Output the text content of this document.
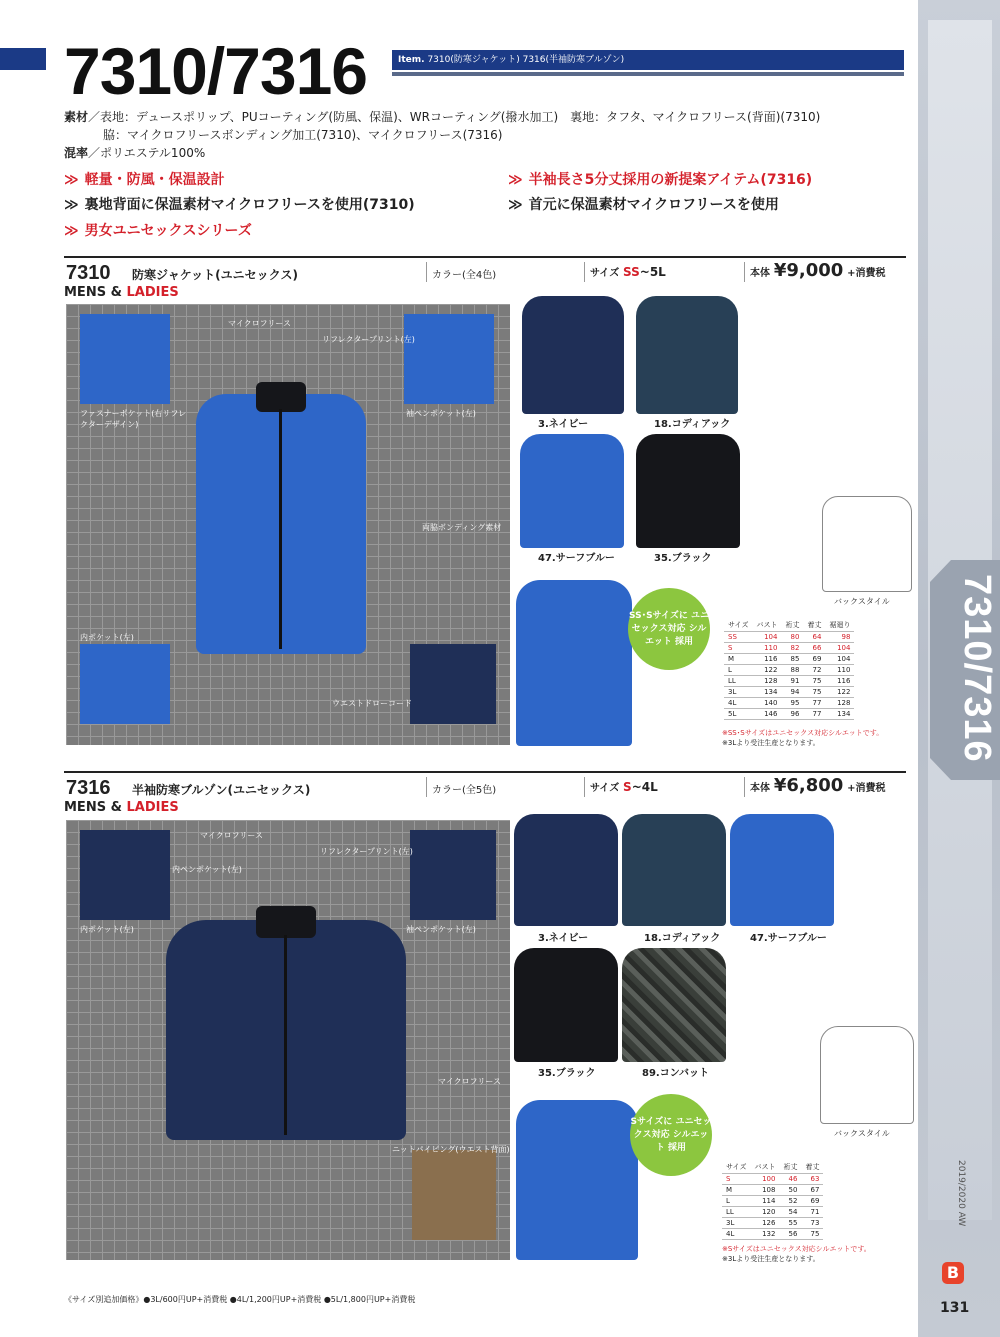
7310/7316
2019/2020 AW
B
131
7310/7316	Item. 7310(防寒ジャケット) 7316(半袖防寒ブルゾン)
素材／表地：デュースポリップ、PUコーティング(防風、保温)、WRコーティング(撥水加工)　裏地：タフタ、マイクロフリース(背面)(7310)
脇：マイクロフリースボンディング加工(7310)、マイクロフリース(7316)
混率／ポリエステル100%
≫ 軽量・防風・保温設計	≫ 半袖長さ5分丈採用の新提案アイテム(7316)
≫ 裏地背面に保温素材マイクロフリースを使用(7310)	≫ 首元に保温素材マイクロフリースを使用
≫ 男女ユニセックスシリーズ
7310 防寒ジャケット(ユニセックス)	カラー(全4色)	サイズ SS~5L	本体 ¥9,000 +消費税
MENS & LADIES
マイクロフリース
リフレクタープリント(左)
ファスナーポケット(右リフレクターデザイン)
袖ペンポケット(左)
両脇ボンディング素材
内ポケット(左)
ウエストドローコード
3.ネイビー	18.コディアック
47.サーフブルー	35.ブラック
SS･Sサイズに ユニセックス対応 シルエット 採用
バックスタイル
サイズ	バスト	裄丈	着丈	裾廻り
SS	104	80	64	98
S	110	82	66	104
M	116	85	69	104
L	122	88	72	110
LL	128	91	75	116
3L	134	94	75	122
4L	140	95	77	128
5L	146	96	77	134
※SS･Sサイズはユニセックス対応シルエットです。
※3Lより受注生産となります。
7316 半袖防寒ブルゾン(ユニセックス)	カラー(全5色)	サイズ S~4L	本体 ¥6,800 +消費税
MENS & LADIES
マイクロフリース
リフレクタープリント(左)
内ペンポケット(左)
内ポケット(左)	袖ペンポケット(左)
マイクロフリース
ニットパイピング(ウエスト背面)
3.ネイビー	18.コディアック	47.サーフブルー
35.ブラック	89.コンバット
Sサイズに ユニセックス対応 シルエット 採用
バックスタイル
サイズ	バスト	裄丈	着丈
S	100	46	63
M	108	50	67
L	114	52	69
LL	120	54	71
3L	126	55	73
4L	132	56	75
※Sサイズはユニセックス対応シルエットです。
※3Lより受注生産となります。
《サイズ別追加価格》●3L/600円UP+消費税 ●4L/1,200円UP+消費税 ●5L/1,800円UP+消費税
